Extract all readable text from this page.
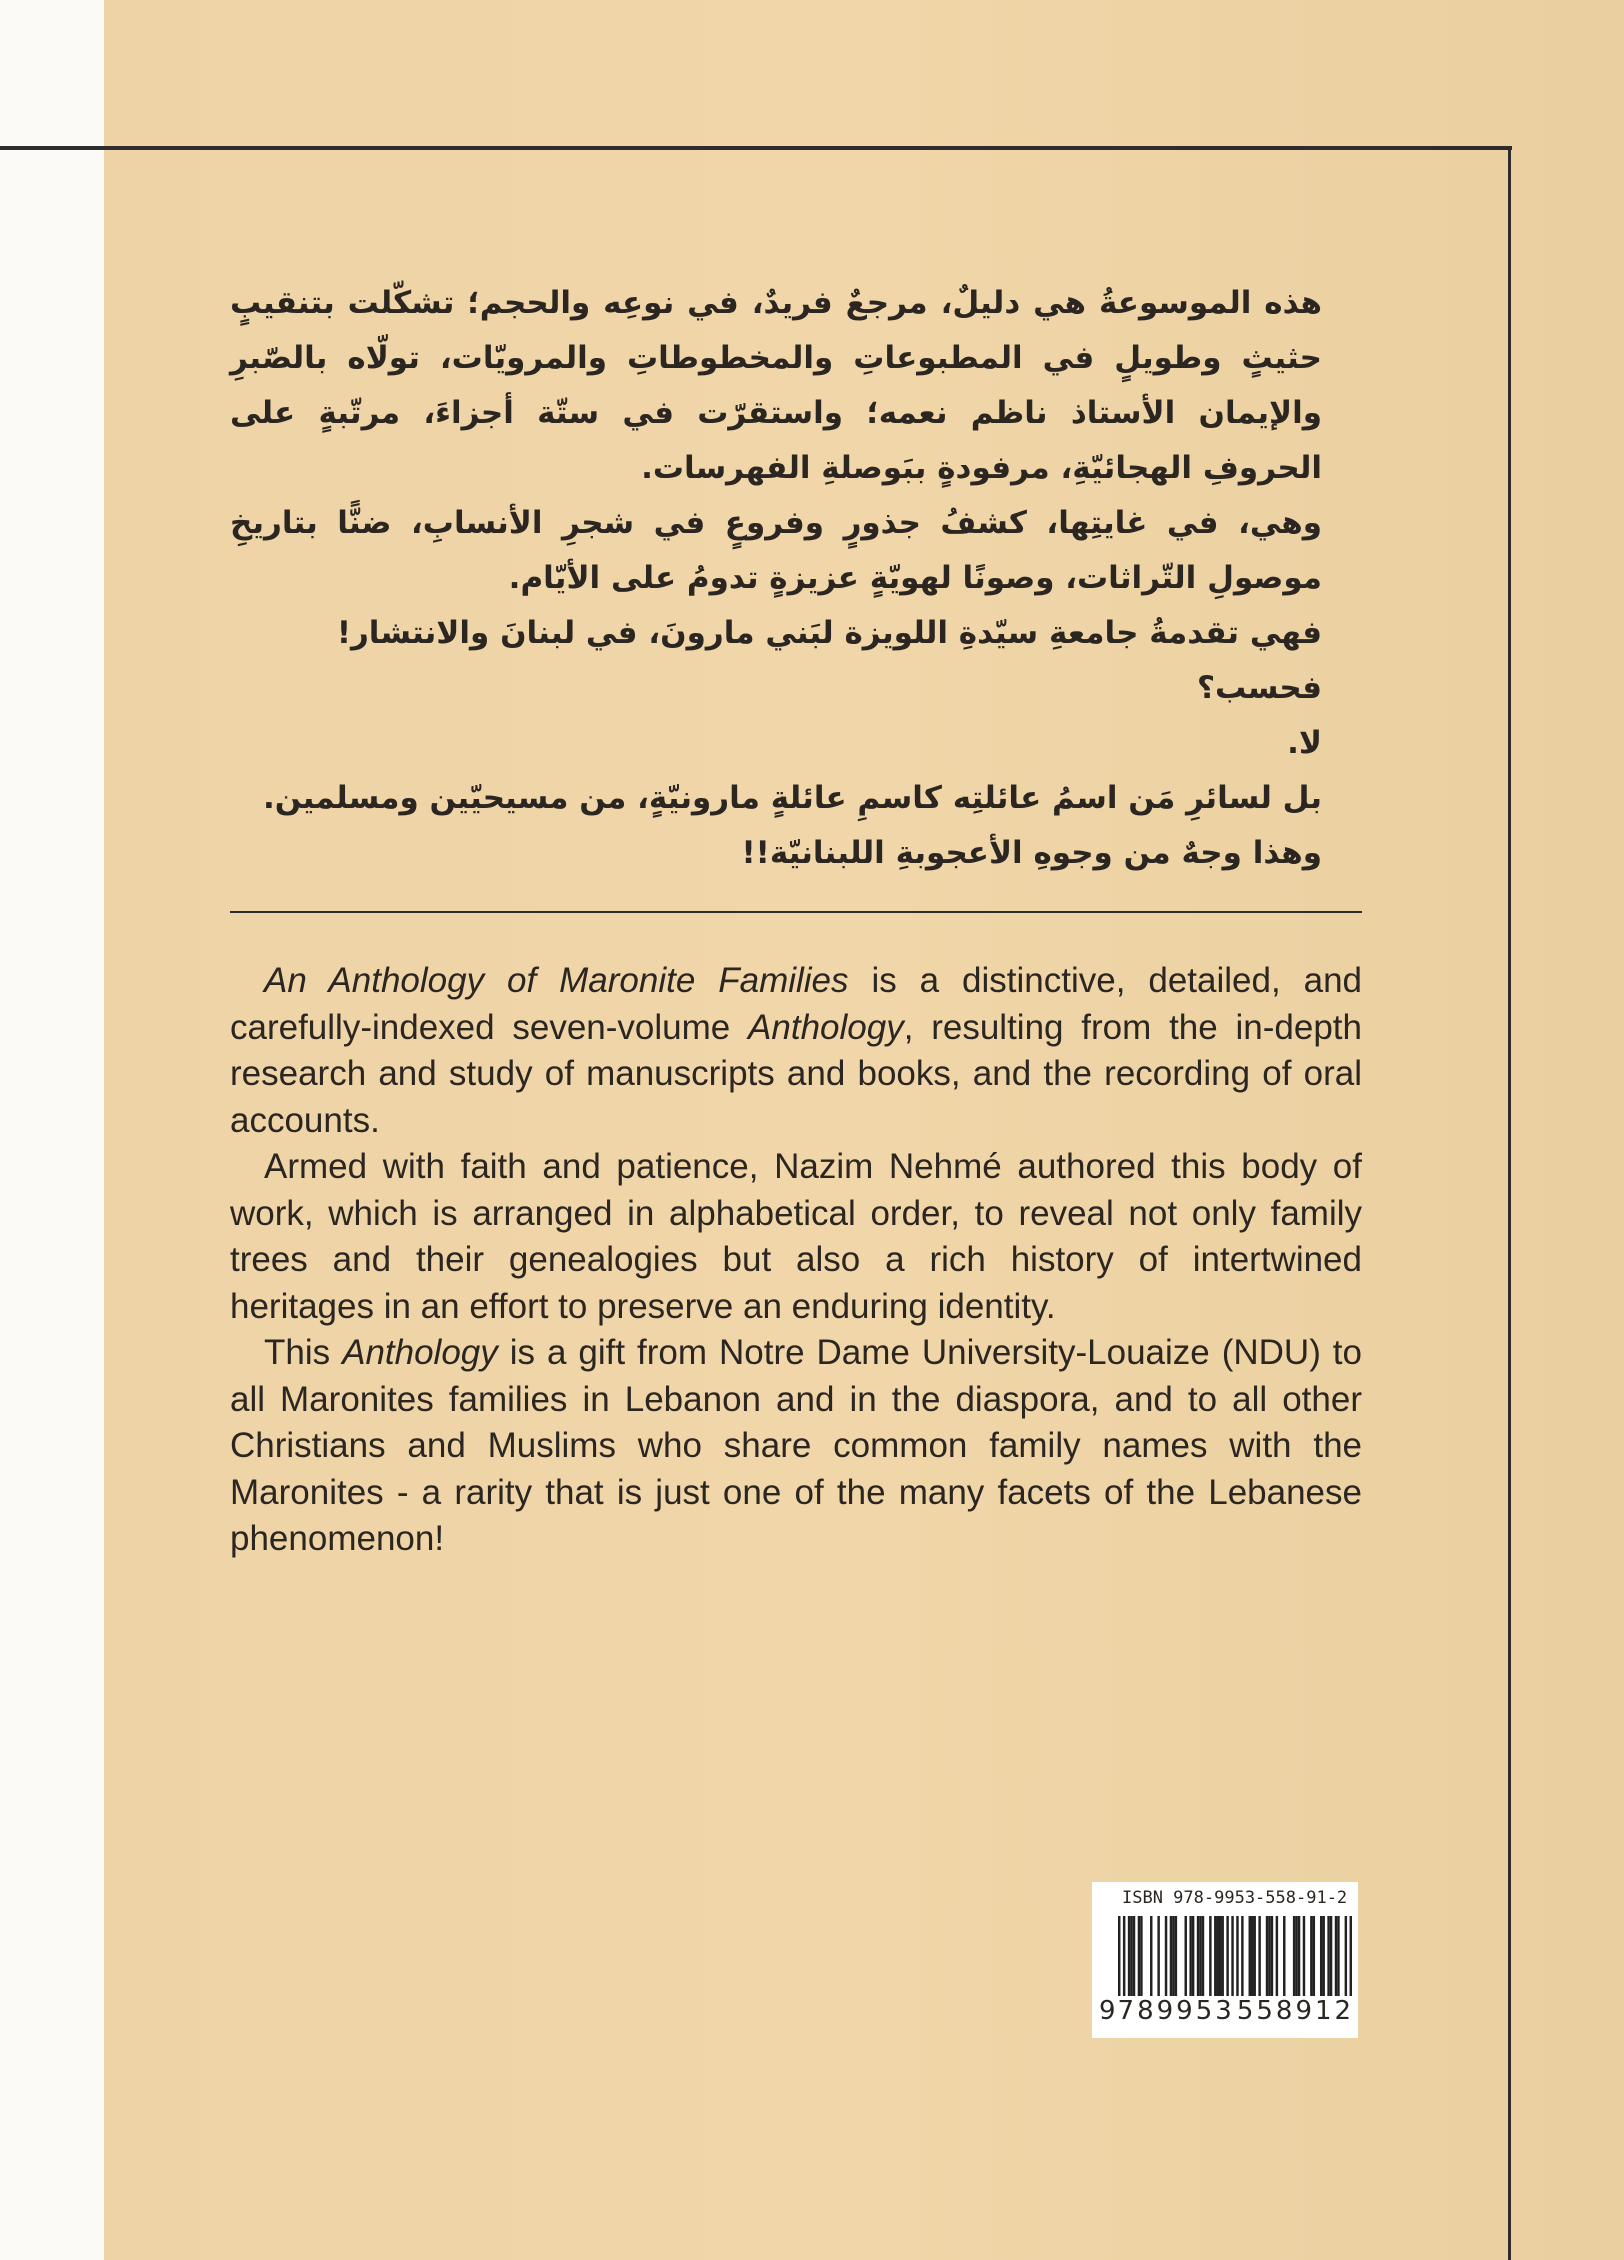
هذه الموسوعةُ هي دليلٌ، مرجعٌ فريدٌ، في نوعِه والحجم؛ تشكّلت بتنقيبٍ حثيثٍ وطويلٍ في المطبوعاتِ والمخطوطاتِ والمرويّات، تولّاه بالصّبرِ والإيمان الأستاذ ناظم نعمه؛ واستقرّت في ستّة أجزاءَ، مرتّبةٍ على الحروفِ الهجائيّةِ، مرفودةٍ ببَوصلةِ الفهرسات.

وهي، في غايتِها، كشفُ جذورٍ وفروعٍ في شجرِ الأنسابِ، ضنًّا بتاريخِ موصولِ التّراثات، وصونًا لهويّةٍ عزيزةٍ تدومُ على الأيّام.

فهي تقدمةُ جامعةِ سيّدةِ اللويزة لبَني مارونَ، في لبنانَ والانتشار!

فحسب؟

لا.

بل لسائرِ مَن اسمُ عائلتِه كاسمِ عائلةٍ مارونيّةٍ، من مسيحيّين ومسلمين.

وهذا وجهٌ من وجوهِ الأعجوبةِ اللبنانيّة!!

An Anthology of Maronite Families is a distinctive, detailed, and carefully-indexed seven-volume Anthology, resulting from the in-depth research and study of manuscripts and books, and the recording of oral accounts.

Armed with faith and patience, Nazim Nehmé authored this body of work, which is arranged in alphabetical order, to reveal not only family trees and their genealogies but also a rich history of intertwined heritages in an effort to preserve an enduring identity.

This Anthology is a gift from Notre Dame University-Louaize (NDU) to all Maronites families in Lebanon and in the diaspora, and to all other Christians and Muslims who share common family names with the Maronites - a rarity that is just one of the many facets of the Lebanese phenomenon!

ISBN 978-9953-558-91-2
9 789953 558912
